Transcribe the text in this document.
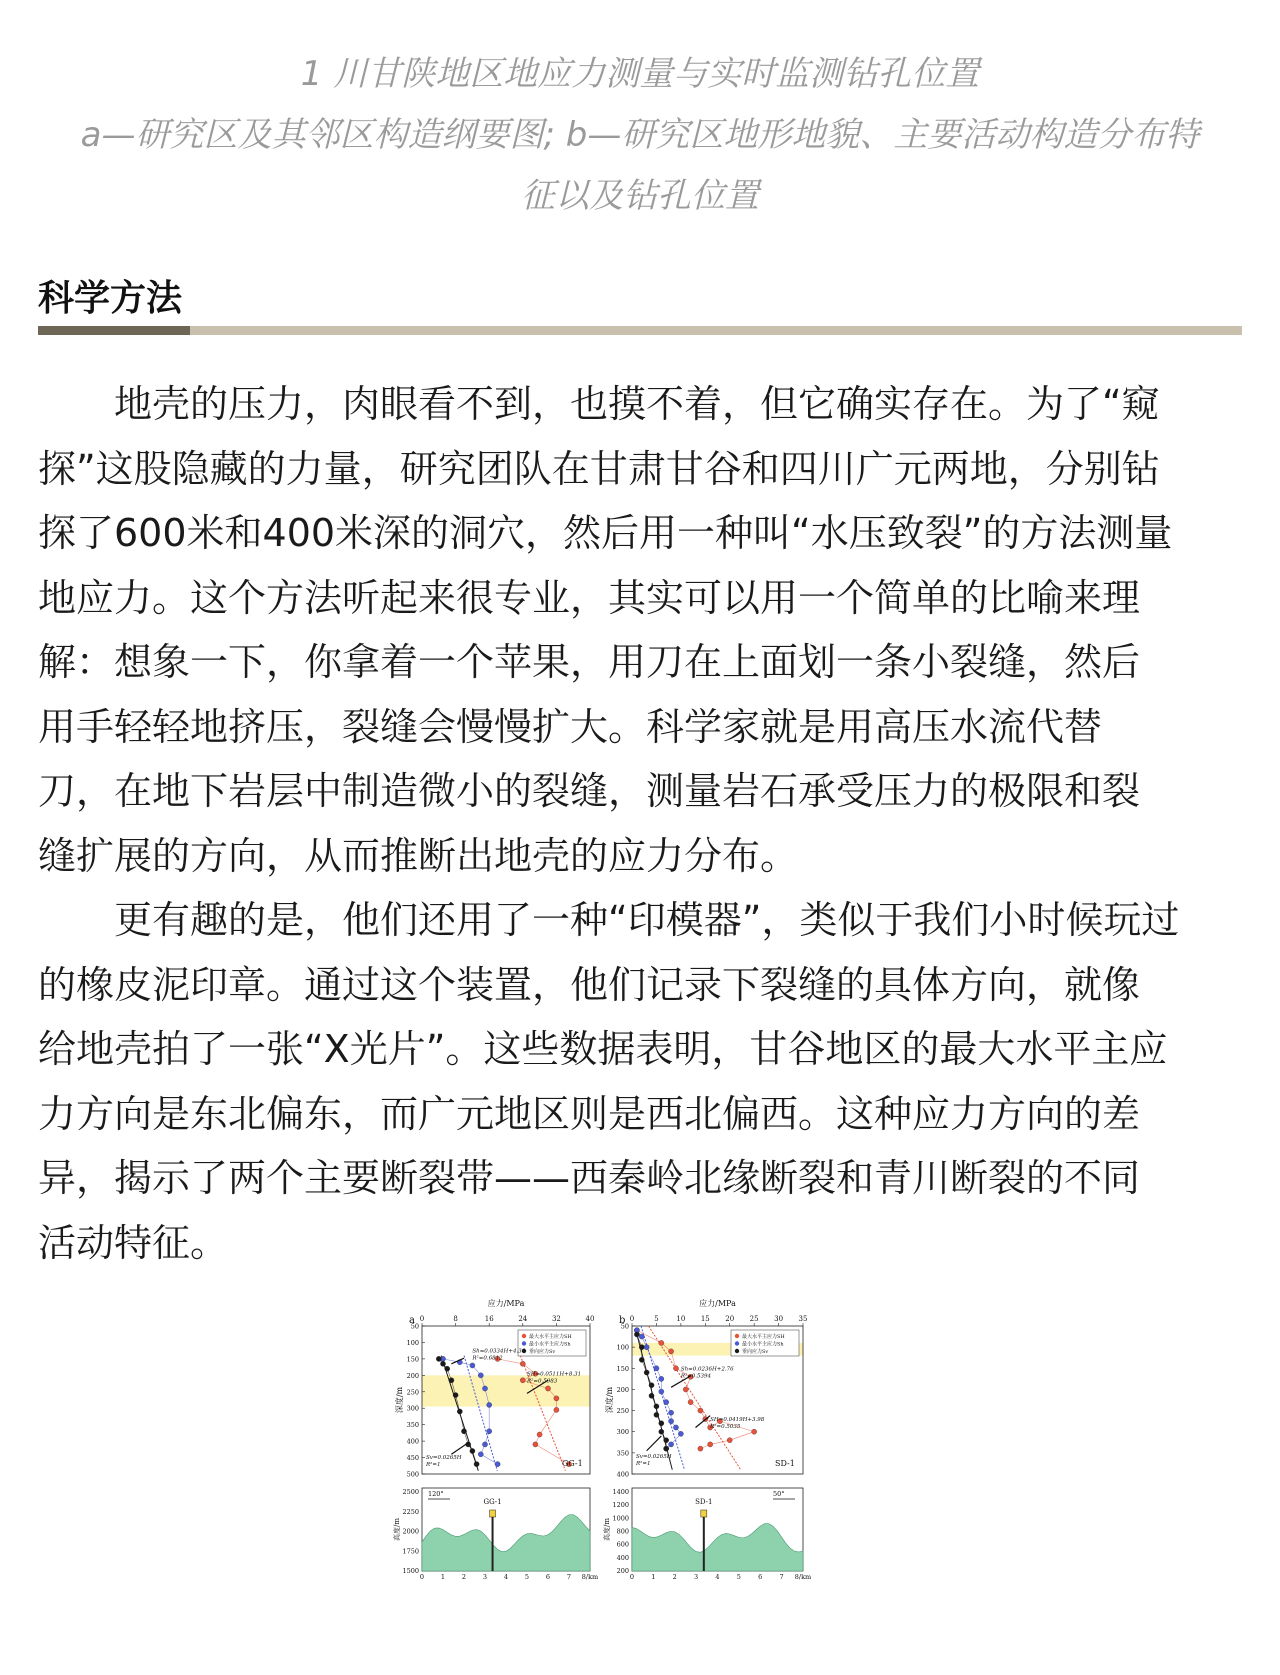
1 川甘陕地区地应力测量与实时监测钻孔位置
a—研究区及其邻区构造纲要图; b—研究区地形地貌、主要活动构造分布特
征以及钻孔位置
科学方法
　　地壳的压力，肉眼看不到，也摸不着，但它确实存在。为了“窥
探”这股隐藏的力量，研究团队在甘肃甘谷和四川广元两地，分别钻
探了600米和400米深的洞穴，然后用一种叫“水压致裂”的方法测量
地应力。这个方法听起来很专业，其实可以用一个简单的比喻来理
解：想象一下，你拿着一个苹果，用刀在上面划一条小裂缝，然后
用手轻轻地挤压，裂缝会慢慢扩大。科学家就是用高压水流代替
刀，在地下岩层中制造微小的裂缝，测量岩石承受压力的极限和裂
缝扩展的方向，从而推断出地壳的应力分布。
　　更有趣的是，他们还用了一种“印模器”，类似于我们小时候玩过
的橡皮泥印章。通过这个装置，他们记录下裂缝的具体方向，就像
给地壳拍了一张“X光片”。这些数据表明，甘谷地区的最大水平主应
力方向是东北偏东，而广元地区则是西北偏西。这种应力方向的差
异，揭示了两个主要断裂带——西秦岭北缘断裂和青川断裂的不同
活动特征。
a
应力/MPa
0	8	16	24	32	40
50
100
150
200
250
300
350
400
450
500
深度/m
最大水平主应力SH
最小水平主应力Sh
垂向应力Sv
Sh=0.0334H+4.36
R²=0.6812
SH=0.0511H+8.31
R²=0.5983
Sv=0.0265H
R²=1	GG-1
GG-1
120°
2500
2250
2000
1750
1500
高度/m
0	1	2	3	4	5	6	7 8/km
b
应力/MPa
0	5	10 15 20 25 30 35
50
100
150
200
250
300
350
400
深度/m
最大水平主应力SH
最小水平主应力Sh
垂向应力Sv
Sh=0.0236H+2.76
R²=0.5394
SH=0.0419H+3.98
R²=0.5035
Sv=0.0265H
R²=1	SD-1
SD-1
50°
1400
1200
1000
800
600
400
200
高度/m
0	1	2	3	4	5	6	7 8/km
